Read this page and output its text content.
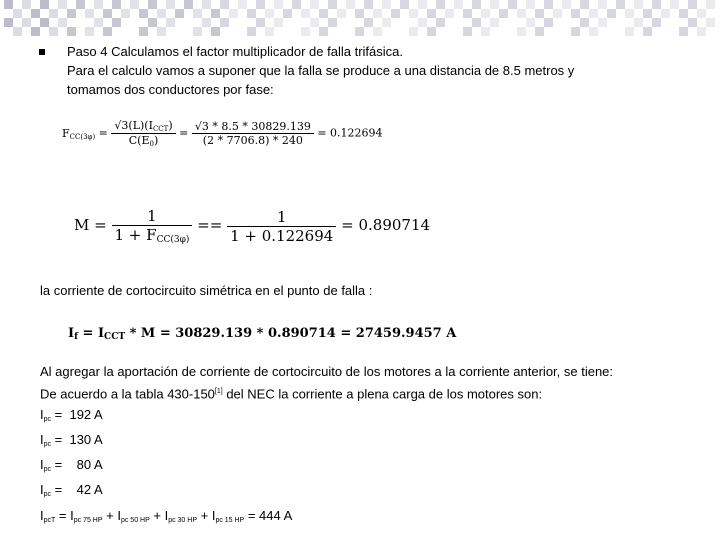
Paso 4 Calculamos el factor multiplicador de falla trifásica.
Para el calculo vamos a suponer que la falla se produce a una distancia de 8.5 metros y
tomamos dos conductores por fase:
$F_{CC(3\varphi)} = \frac{√3(L)(I_{CCT})}{C(E_0)} = \frac{√3 * 8.5 * 30829.139}{(2 * 7706.8) * 240} = 0.122694$
$M = \frac{1}{1 + F_{CC(3\varphi)}} == \frac{1}{1 + 0.122694} = 0.890714$
la corriente de cortocircuito simétrica en el punto de falla :
$I_f = I_{CCT} * M = 30829.139 * 0.890714 = 27459.9457$ A
Al agregar la aportación de corriente de cortocircuito de los motores a la corriente anterior, se tiene:
De acuerdo a la tabla 430-150[1] del NEC la corriente a plena carga de los motores son:
$I_{pc} = 192$ A
$I_{pc} = 130$ A
$I_{pc}$ =    80 A
$I_{pc}$ =    42 A
$I_{pcT} = I_{pc 75 HP} + I_{pc 50 HP} + I_{pc 30 HP} + I_{pc 15 HP} = 444$ A
